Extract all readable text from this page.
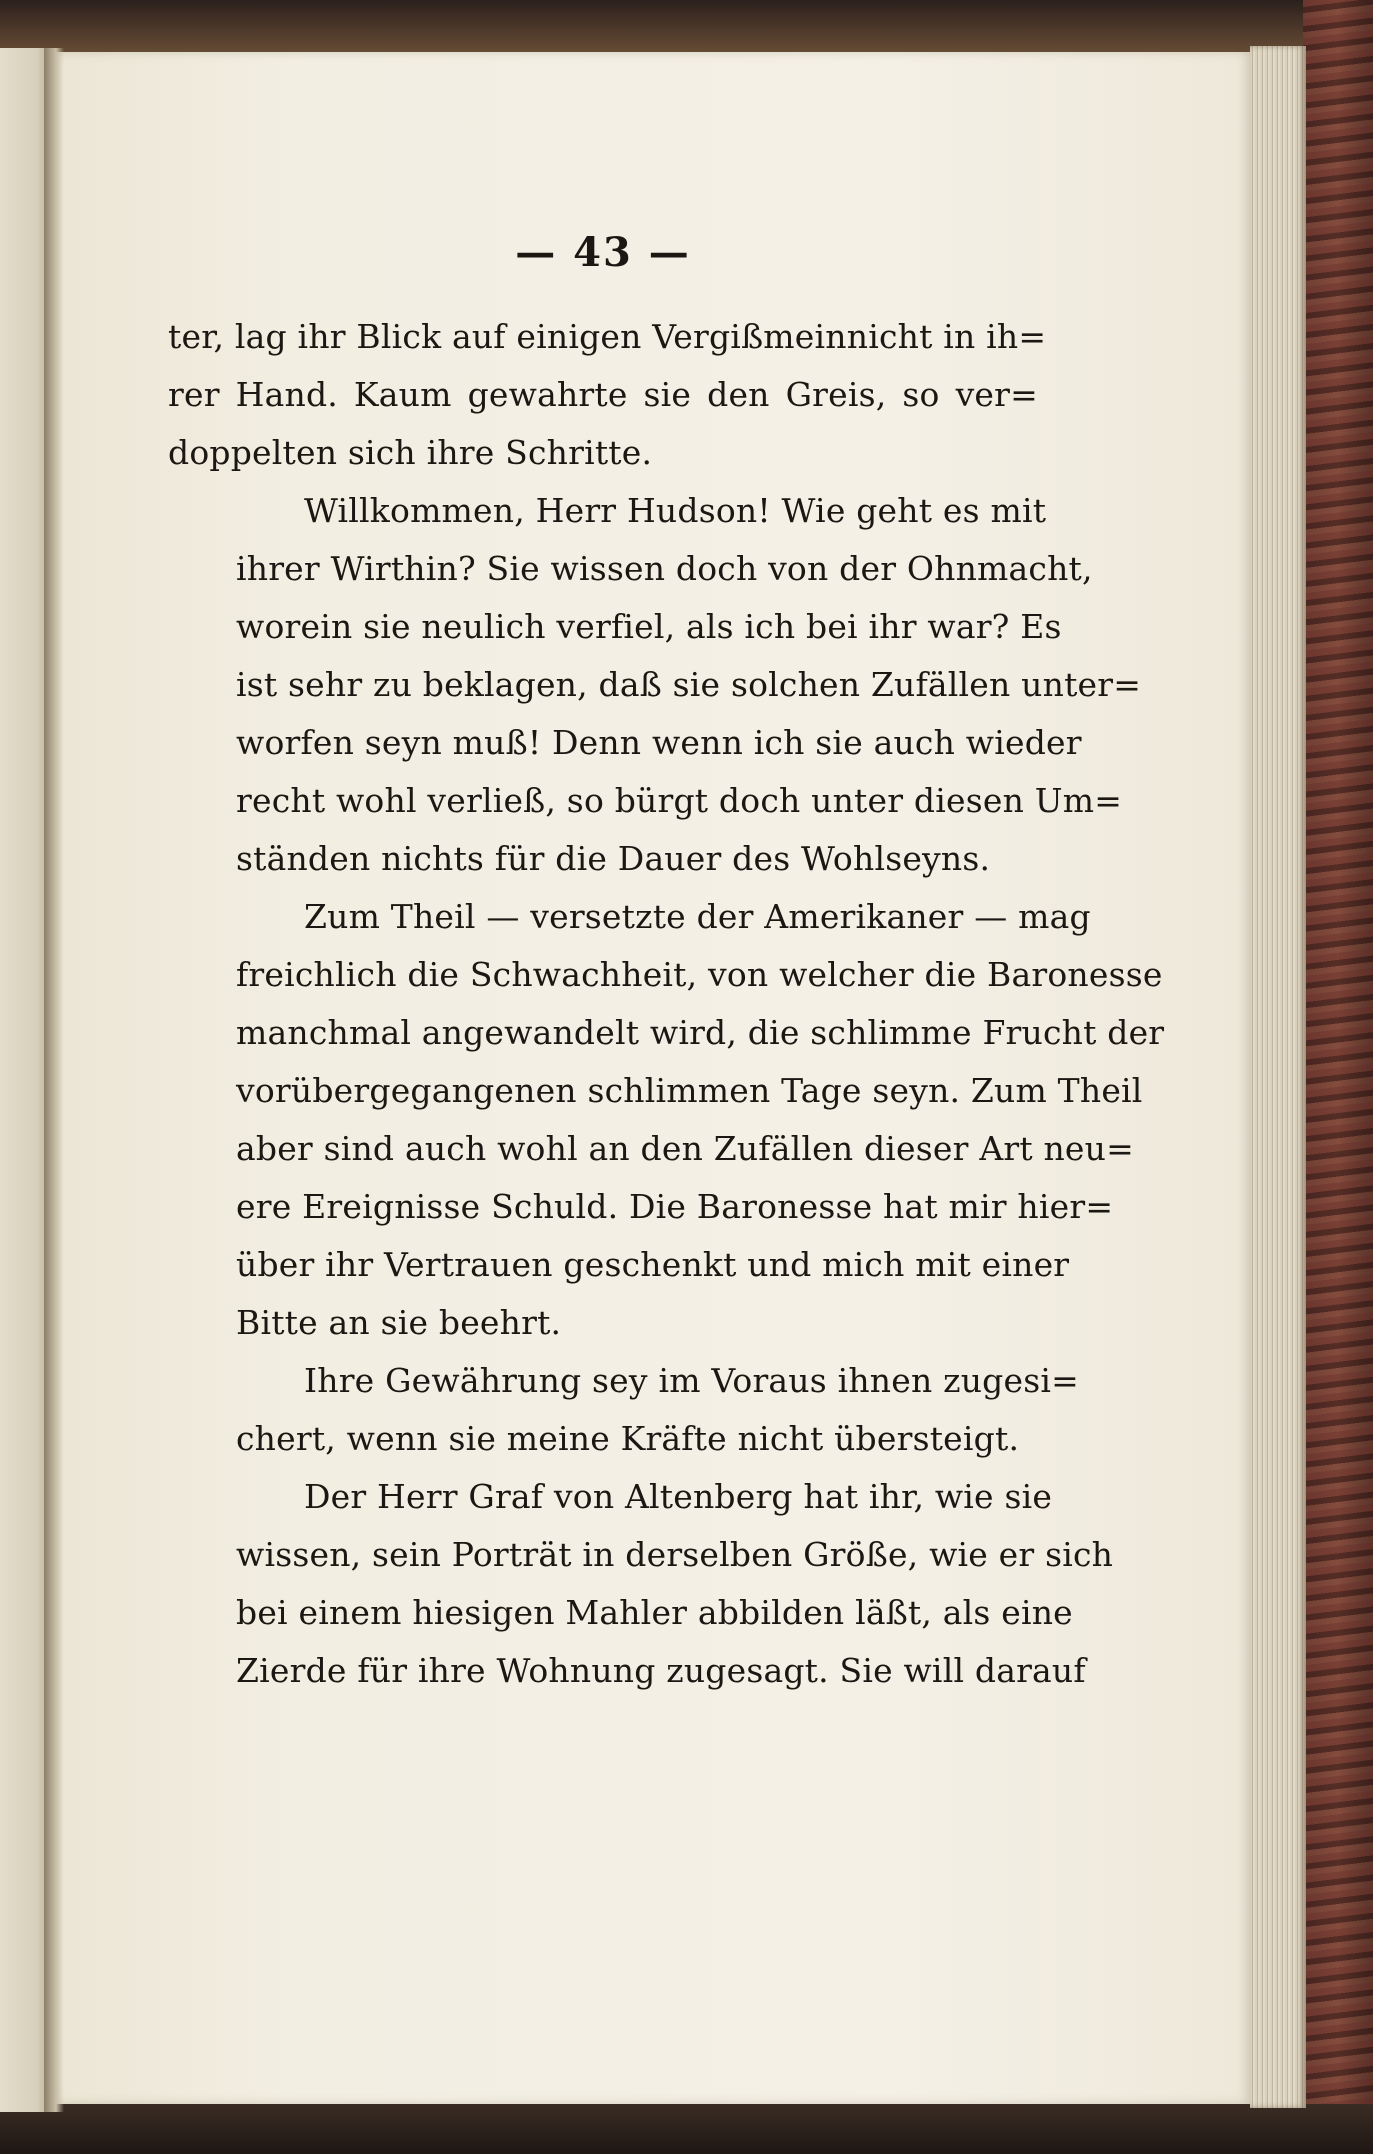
— 43 —

ter, lag ihr Blick auf einigen Vergißmeinnicht in ih=
rer Hand. Kaum gewahrte sie den Greis, so ver=
doppelten sich ihre Schritte.

Willkommen, Herr Hudson! Wie geht es mit
ihrer Wirthin? Sie wissen doch von der Ohnmacht,
worein sie neulich verfiel, als ich bei ihr war? Es
ist sehr zu beklagen, daß sie solchen Zufällen unter=
worfen seyn muß! Denn wenn ich sie auch wieder
recht wohl verließ, so bürgt doch unter diesen Um=
ständen nichts für die Dauer des Wohlseyns.

Zum Theil — versetzte der Amerikaner — mag
freichlich die Schwachheit, von welcher die Baronesse
manchmal angewandelt wird, die schlimme Frucht der
vorübergegangenen schlimmen Tage seyn. Zum Theil
aber sind auch wohl an den Zufällen dieser Art neu=
ere Ereignisse Schuld. Die Baronesse hat mir hier=
über ihr Vertrauen geschenkt und mich mit einer
Bitte an sie beehrt.

Ihre Gewährung sey im Voraus ihnen zugesi=
chert, wenn sie meine Kräfte nicht übersteigt.

Der Herr Graf von Altenberg hat ihr, wie sie
wissen, sein Porträt in derselben Größe, wie er sich
bei einem hiesigen Mahler abbilden läßt, als eine
Zierde für ihre Wohnung zugesagt. Sie will darauf
